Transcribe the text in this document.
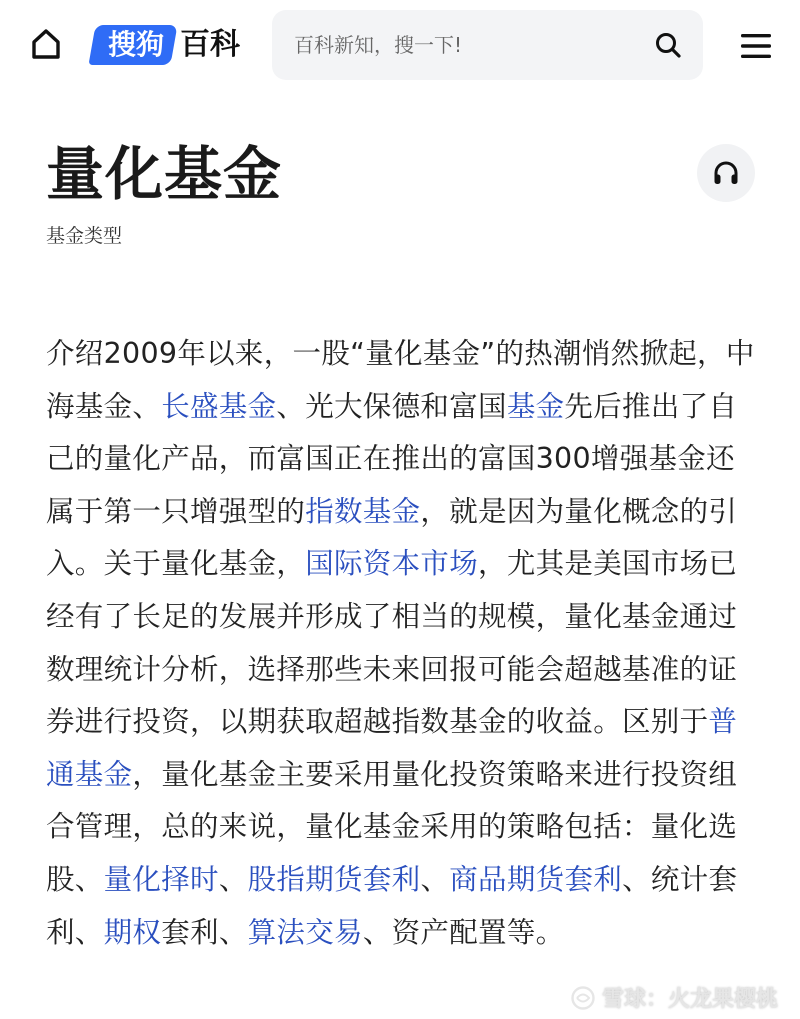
搜狗 百科
百科新知，搜一下!
量化基金
基金类型

介绍2009年以来，一股“量化基金”的热潮悄然掀起，中海基金、长盛基金、光大保德和富国基金先后推出了自己的量化产品，而富国正在推出的富国300增强基金还属于第一只增强型的指数基金，就是因为量化概念的引入。关于量化基金，国际资本市场，尤其是美国市场已经有了长足的发展并形成了相当的规模，量化基金通过数理统计分析，选择那些未来回报可能会超越基准的证券进行投资，以期获取超越指数基金的收益。区别于普通基金，量化基金主要采用量化投资策略来进行投资组合管理，总的来说，量化基金采用的策略包括：量化选股、量化择时、股指期货套利、商品期货套利、统计套利、期权套利、算法交易、资产配置等。

雪球：火龙果樱桃
